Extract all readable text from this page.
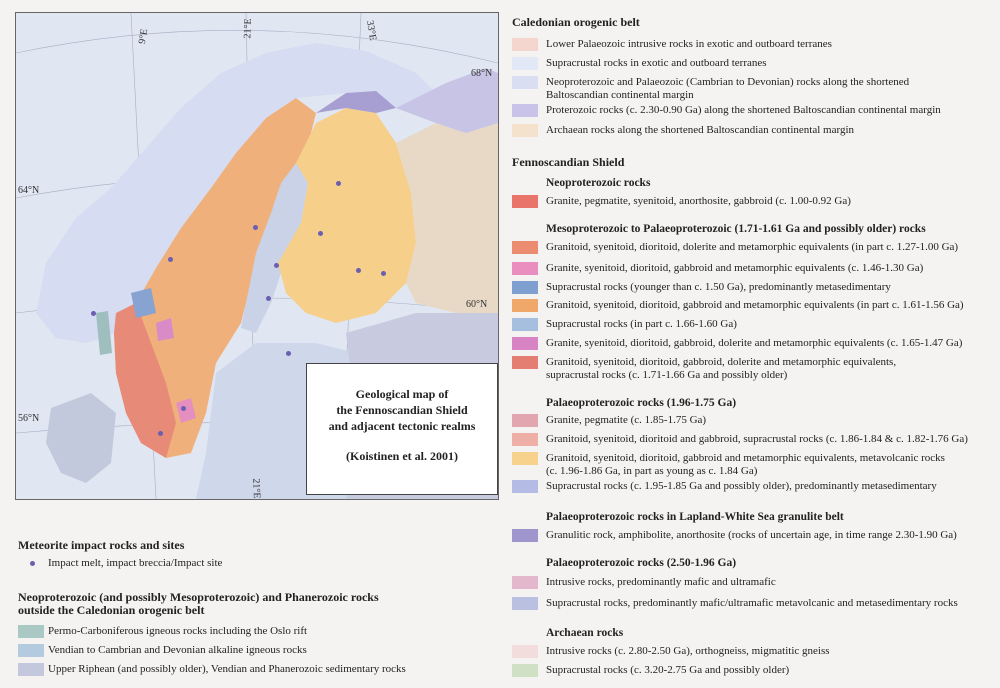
9°E	21°E	33°E
68°N
64°N
60°N
56°N
21°E
Geological map of
the Fennoscandian Shield
and adjacent tectonic realms
(Koistinen et al. 2001)
Caledonian orogenic belt
Lower Palaeozoic intrusive rocks in exotic and outboard terranes
Supracrustal rocks in exotic and outboard terranes
Neoproterozoic and Palaeozoic (Cambrian to Devonian) rocks along the shortened
Baltoscandian continental margin
Proterozoic rocks (c. 2.30-0.90 Ga) along the shortened Baltoscandian continental margin
Archaean rocks along the shortened Baltoscandian continental margin
Fennoscandian Shield
Neoproterozoic rocks
Granite, pegmatite, syenitoid, anorthosite, gabbroid (c. 1.00-0.92 Ga)
Mesoproterozoic to Palaeoproterozoic (1.71-1.61 Ga and possibly older) rocks
Granitoid, syenitoid, dioritoid, dolerite and metamorphic equivalents (in part c. 1.27-1.00 Ga)
Granite, syenitoid, dioritoid, gabbroid and metamorphic equivalents (c. 1.46-1.30 Ga)
Supracrustal rocks (younger than c. 1.50 Ga), predominantly metasedimentary
Granitoid, syenitoid, dioritoid, gabbroid and metamorphic equivalents (in part c. 1.61-1.56 Ga)
Supracrustal rocks (in part c. 1.66-1.60 Ga)
Granite, syenitoid, dioritoid, gabbroid, dolerite and metamorphic equivalents (c. 1.65-1.47 Ga)
Granitoid, syenitoid, dioritoid, gabbroid, dolerite and metamorphic equivalents,
supracrustal rocks (c. 1.71-1.66 Ga and possibly older)
Palaeoproterozoic rocks (1.96-1.75 Ga)
Granite, pegmatite (c. 1.85-1.75 Ga)
Granitoid, syenitoid, dioritoid and gabbroid, supracrustal rocks (c. 1.86-1.84 & c. 1.82-1.76 Ga)
Granitoid, syenitoid, dioritoid, gabbroid and metamorphic equivalents, metavolcanic rocks
(c. 1.96-1.86 Ga, in part as young as c. 1.84 Ga)
Supracrustal rocks (c. 1.95-1.85 Ga and possibly older), predominantly metasedimentary
Palaeoproterozoic rocks in Lapland-White Sea granulite belt
Granulitic rock, amphibolite, anorthosite (rocks of uncertain age, in time range 2.30-1.90 Ga)
Palaeoproterozoic rocks (2.50-1.96 Ga)
Intrusive rocks, predominantly mafic and ultramafic
Supracrustal rocks, predominantly mafic/ultramafic metavolcanic and metasedimentary rocks
Archaean rocks
Intrusive rocks (c. 2.80-2.50 Ga), orthogneiss, migmatitic gneiss
Supracrustal rocks (c. 3.20-2.75 Ga and possibly older)
Meteorite impact rocks and sites
Impact melt, impact breccia/Impact site
Neoproterozoic (and possibly Mesoproterozoic) and Phanerozoic rocks
outside the Caledonian orogenic belt
Permo-Carboniferous igneous rocks including the Oslo rift
Vendian to Cambrian and Devonian alkaline igneous rocks
Upper Riphean (and possibly older), Vendian and Phanerozoic sedimentary rocks
